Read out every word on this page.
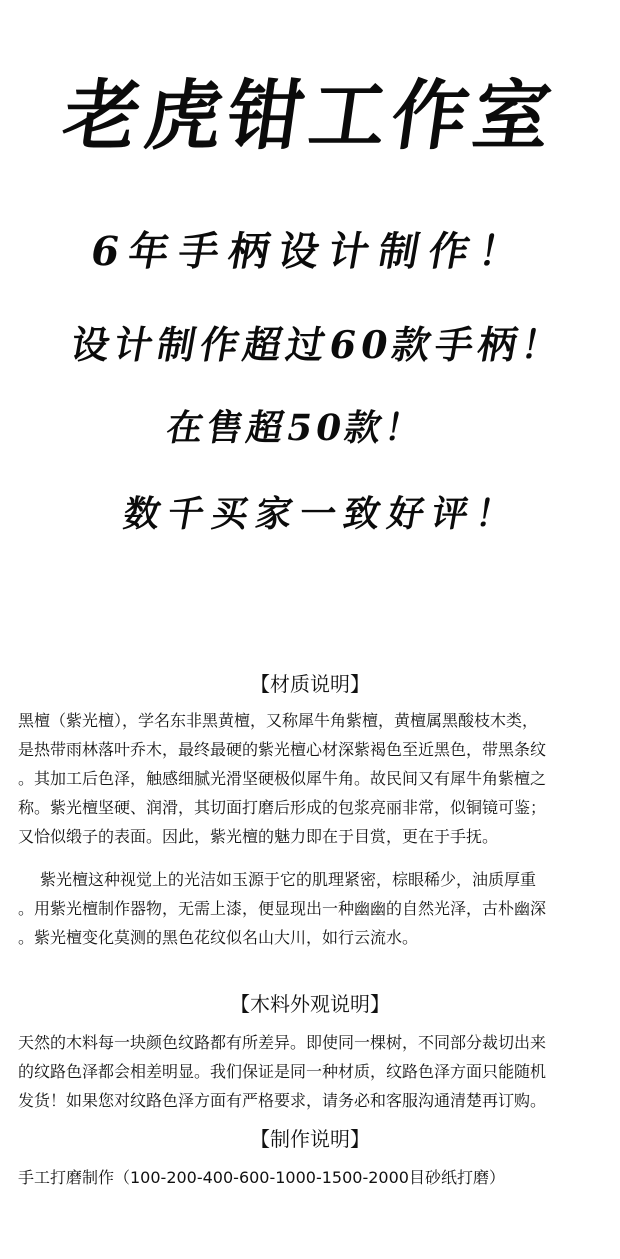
老虎钳工作室
6年手柄设计制作！
设计制作超过60款手柄！
在售超50款！
数千买家一致好评！
【材质说明】
黑檀（紫光檀），学名东非黑黄檀，又称犀牛角紫檀，黄檀属黑酸枝木类，
是热带雨林落叶乔木，最终最硬的紫光檀心材深紫褐色至近黑色，带黑条纹
。其加工后色泽，触感细腻光滑坚硬极似犀牛角。故民间又有犀牛角紫檀之
称。紫光檀坚硬、润滑，其切面打磨后形成的包浆亮丽非常，似铜镜可鉴；
又恰似缎子的表面。因此，紫光檀的魅力即在于目赏，更在于手抚。
紫光檀这种视觉上的光洁如玉源于它的肌理紧密，棕眼稀少，油质厚重
。用紫光檀制作器物，无需上漆，便显现出一种幽幽的自然光泽，古朴幽深
。紫光檀变化莫测的黑色花纹似名山大川，如行云流水。
【木料外观说明】
天然的木料每一块颜色纹路都有所差异。即使同一棵树，不同部分裁切出来
的纹路色泽都会相差明显。我们保证是同一种材质，纹路色泽方面只能随机
发货！如果您对纹路色泽方面有严格要求，请务必和客服沟通清楚再订购。
【制作说明】
手工打磨制作（100-200-400-600-1000-1500-2000目砂纸打磨）
